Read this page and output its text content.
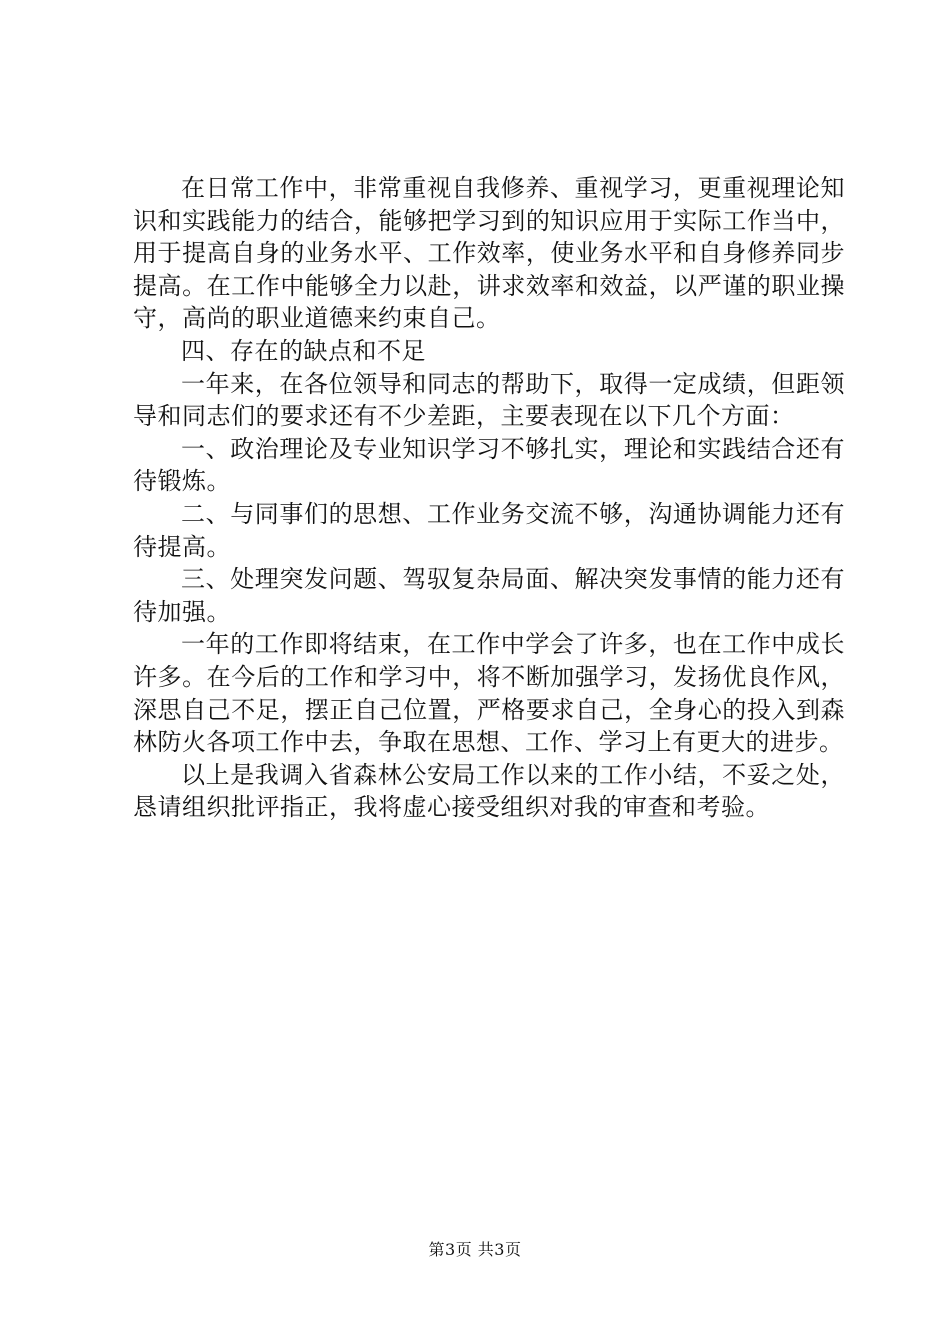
在日常工作中，非常重视自我修养、重视学习，更重视理论知识和实践能力的结合，能够把学习到的知识应用于实际工作当中，用于提高自身的业务水平、工作效率，使业务水平和自身修养同步提高。在工作中能够全力以赴，讲求效率和效益，以严谨的职业操守，高尚的职业道德来约束自己。

四、存在的缺点和不足

一年来，在各位领导和同志的帮助下，取得一定成绩，但距领导和同志们的要求还有不少差距，主要表现在以下几个方面：

一、政治理论及专业知识学习不够扎实，理论和实践结合还有待锻炼。

二、与同事们的思想、工作业务交流不够，沟通协调能力还有待提高。

三、处理突发问题、驾驭复杂局面、解决突发事情的能力还有待加强。

一年的工作即将结束，在工作中学会了许多，也在工作中成长许多。在今后的工作和学习中，将不断加强学习，发扬优良作风，深思自己不足，摆正自己位置，严格要求自己，全身心的投入到森林防火各项工作中去，争取在思想、工作、学习上有更大的进步。

以上是我调入省森林公安局工作以来的工作小结，不妥之处，恳请组织批评指正，我将虚心接受组织对我的审查和考验。

第3页 共3页
